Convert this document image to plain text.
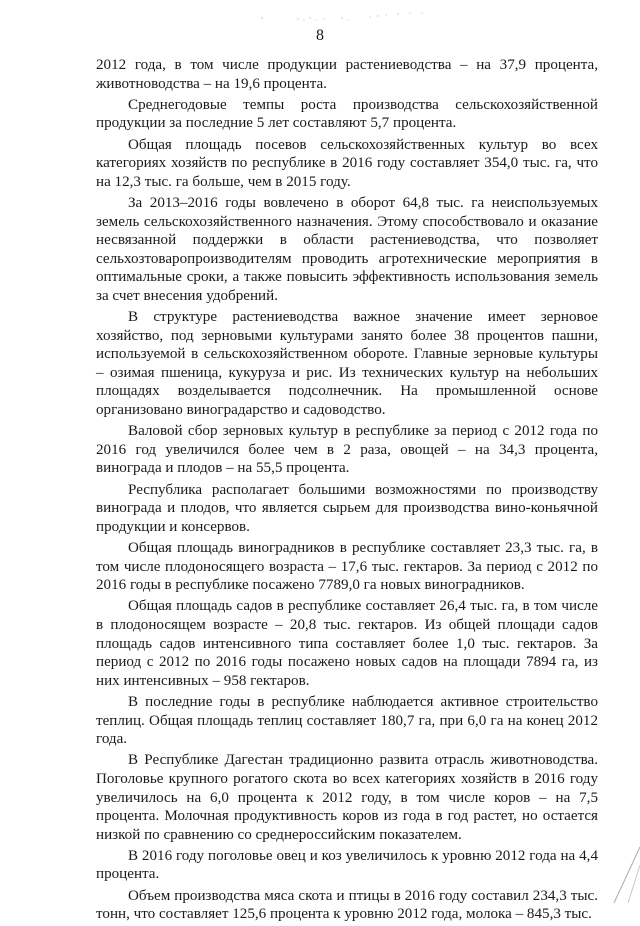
8

2012 года, в том числе продукции растениеводства – на 37,9 процента, животноводства – на 19,6 процента.

Среднегодовые темпы роста производства сельскохозяйственной продукции за последние 5 лет составляют 5,7 процента.

Общая площадь посевов сельскохозяйственных культур во всех категориях хозяйств по республике в 2016 году составляет 354,0 тыс. га, что на 12,3 тыс. га больше, чем в 2015 году.

За 2013–2016 годы вовлечено в оборот 64,8 тыс. га неиспользуемых земель сельскохозяйственного назначения. Этому способствовало и оказание несвязанной поддержки в области растениеводства, что позволяет сельхозтоваропроизводителям проводить агротехнические мероприятия в оптимальные сроки, а также повысить эффективность использования земель за счет внесения удобрений.

В структуре растениеводства важное значение имеет зерновое хозяйство, под зерновыми культурами занято более 38 процентов пашни, используемой в сельскохозяйственном обороте. Главные зерновые культуры – озимая пшеница, кукуруза и рис. Из технических культур на небольших площадях возделывается подсолнечник. На промышленной основе организовано виноградарство и садоводство.

Валовой сбор зерновых культур в республике за период с 2012 года по 2016 год увеличился более чем в 2 раза, овощей – на 34,3 процента, винограда и плодов – на 55,5 процента.

Республика располагает большими возможностями по производству винограда и плодов, что является сырьем для производства вино-коньячной продукции и консервов.

Общая площадь виноградников в республике составляет 23,3 тыс. га, в том числе плодоносящего возраста – 17,6 тыс. гектаров. За период с 2012 по 2016 годы в республике посажено 7789,0 га новых виноградников.

Общая площадь садов в республике составляет 26,4 тыс. га, в том числе в плодоносящем возрасте – 20,8 тыс. гектаров. Из общей площади садов площадь садов интенсивного типа составляет более 1,0 тыс. гектаров. За период с 2012 по 2016 годы посажено новых садов на площади 7894 га, из них интенсивных – 958 гектаров.

В последние годы в республике наблюдается активное строительство теплиц. Общая площадь теплиц составляет 180,7 га, при 6,0 га на конец 2012 года.

В Республике Дагестан традиционно развита отрасль животноводства. Поголовье крупного рогатого скота во всех категориях хозяйств в 2016 году увеличилось на 6,0 процента к 2012 году, в том числе коров – на 7,5 процента. Молочная продуктивность коров из года в год растет, но остается низкой по сравнению со среднероссийским показателем.

В 2016 году поголовье овец и коз увеличилось к уровню 2012 года на 4,4 процента.

Объем производства мяса скота и птицы в 2016 году составил 234,3 тыс. тонн, что составляет 125,6 процента к уровню 2012 года, молока – 845,3 тыс.
